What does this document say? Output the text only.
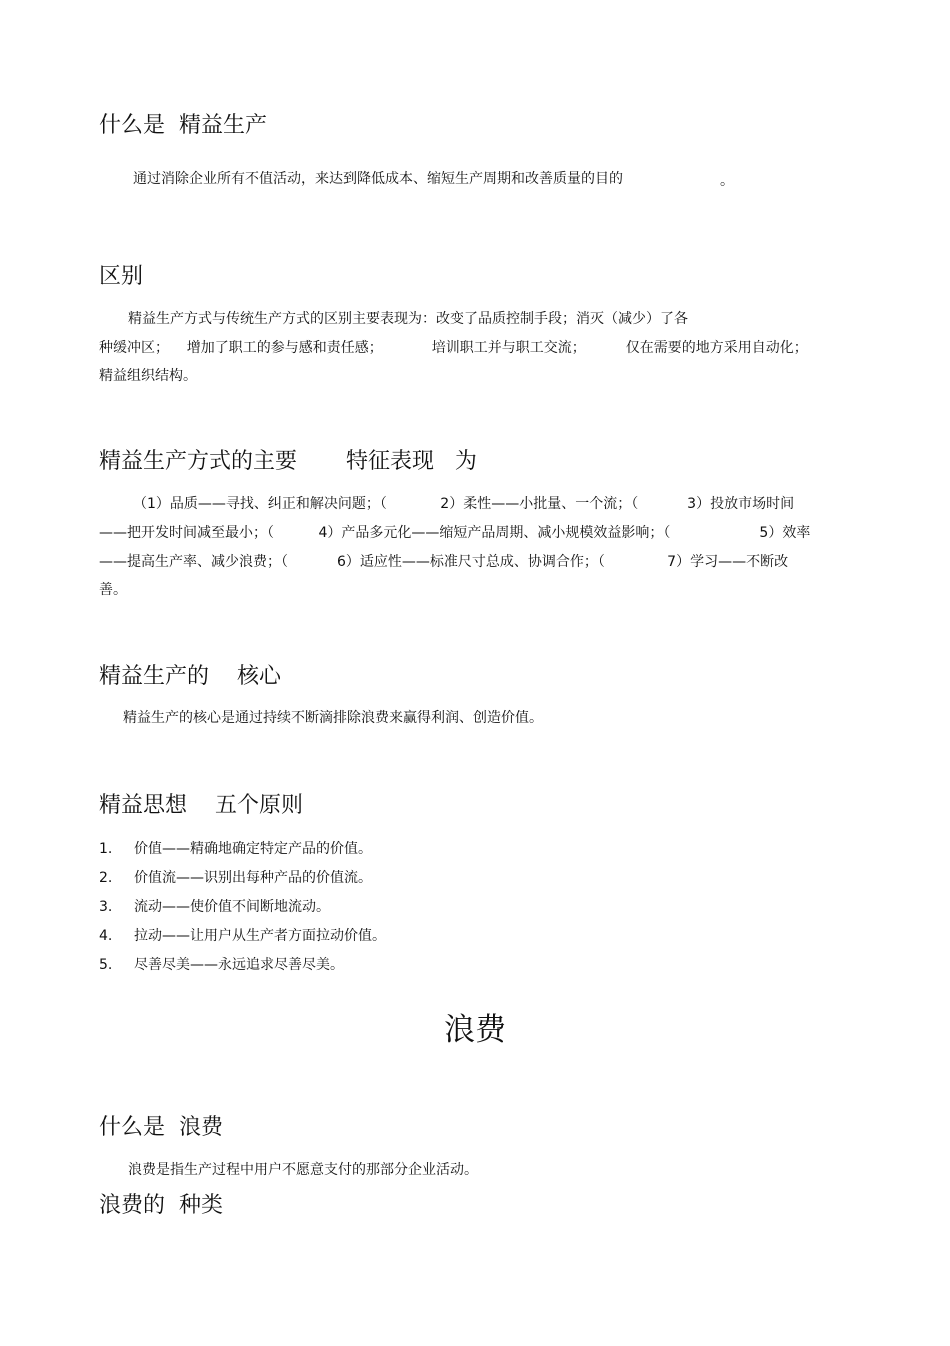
什么是  精益生产

通过消除企业所有不值活动，来达到降低成本、缩短生产周期和改善质量的目的	。
区别

精益生产方式与传统生产方式的区别主要表现为：改变了品质控制手段；消灭（减少）了各

种缓冲区；    增加了职工的参与感和责任感；           培训职工并与职工交流；         仅在需要的地方采用自动化；

精益组织结构。

精益生产方式的主要       特征表现   为

（1）品质——寻找、纠正和解决问题；（            2）柔性——小批量、一个流；（           3）投放市场时间

——把开发时间减至最小；（          4）产品多元化——缩短产品周期、减小规模效益影响；（                    5）效率

——提高生产率、减少浪费；（           6）适应性——标准尺寸总成、协调合作；（              7）学习——不断改

善。

精益生产的    核心

精益生产的核心是通过持续不断滴排除浪费来赢得利润、创造价值。

精益思想    五个原则
1. 价值——精确地确定特定产品的价值。
2. 价值流——识别出每种产品的价值流。
3. 流动——使价值不间断地流动。
4. 拉动——让用户从生产者方面拉动价值。
5. 尽善尽美——永远追求尽善尽美。
浪费
什么是  浪费

浪费是指生产过程中用户不愿意支付的那部分企业活动。

浪费的  种类
